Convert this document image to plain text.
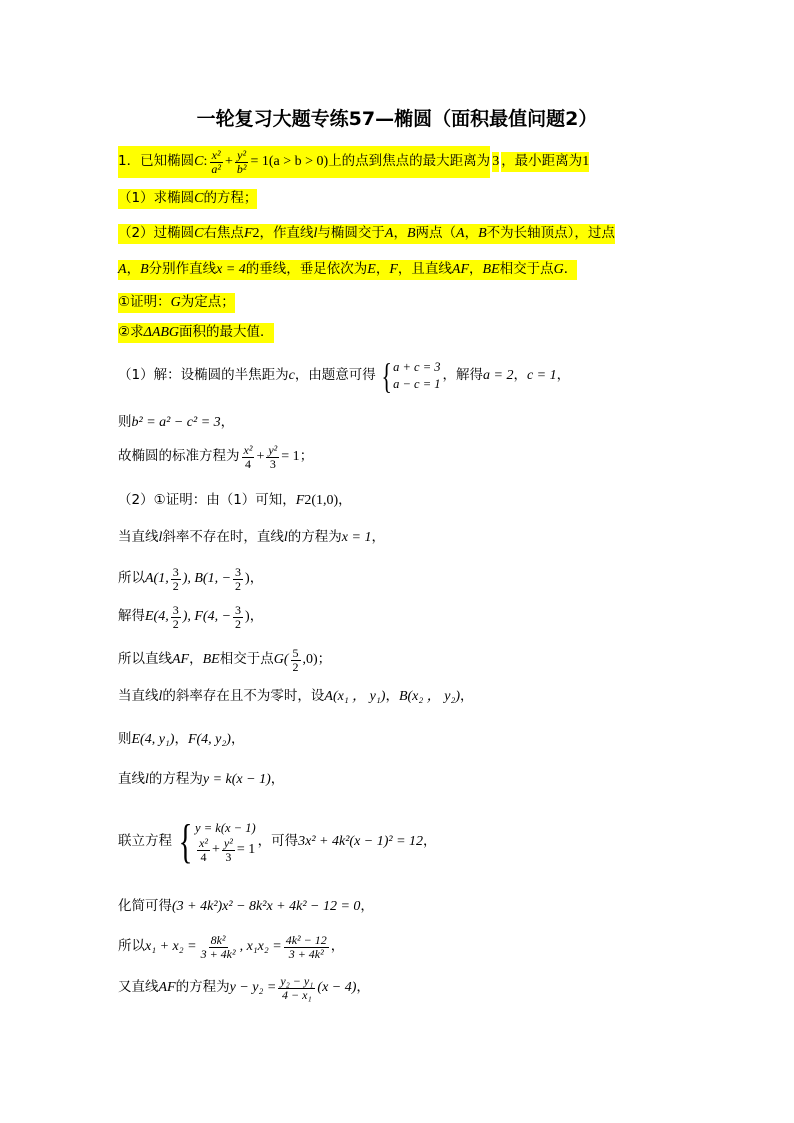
一轮复习大题专练57—椭圆（面积最值问题2）
1．已知椭圆 C : $\frac{\text{x²}}{\text{a²}} + \frac{\text{y²}}{\text{b²}} = 1(a > b > 0)$ 上的点到焦点的最大距离为 3 ，最小距离为 1
（1）求椭圆 C 的方程；
（2）过椭圆 C 右焦点 F 2 ，作直线 l 与椭圆交于 A ， B 两点（ A ， B 不为长轴顶点），过点
A ， B 分别作直线 x = 4 的垂线，垂足依次为 E ， F ，且直线 AF ， BE 相交于点 G ．
①证明： G 为定点；
②求 ΔABG 面积的最大值．
（1）解：设椭圆的半焦距为 c ，由题意可得 { a + c = 3
a − c = 1
，解得 a = 2 ， c = 1 ，
则 b² = a² − c² = 3 ，
故椭圆的标准方程为 $\frac{\text{x²}}{4} + \frac{\text{y²}}{3} = 1$ ；
（2）①证明：由（1）可知， F 2 (1,0) ，
当直线 l 斜率不存在时，直线 l 的方程为 x = 1 ，
所以 A(1, $\frac{3}{2}$ ), B(1, − $\frac{3}{2}$ ) ，
解得 E(4, $\frac{3}{2}$ ), F(4, − $\frac{3}{2}$ ) ，
所以直线 AF ， BE 相交于点 $G( \frac{5}{2} ,0)$ ；
当直线 l 的斜率存在且不为零时，设 A(x₁ ， y₁) ， B(x₂ ， y₂) ，
则 E(4, y₁) ， F(4, y₂) ，
直线 l 的方程为 y = k(x − 1) ，
联立方程 { y = k(x − 1)
$\frac{\text{x²}}{4} + \frac{\text{y²}}{3} = 1$
，可得 3x² + 4k²(x − 1)² = 12 ，
化简可得 (3 + 4k²)x² − 8k²x + 4k² − 12 = 0 ，
所以 $x_1 + x_2 = \frac{\text{8k²}}{\text{3 + 4k²}}$ , $x_1x_2 = \frac{\text{4k² − 12}}{\text{3 + 4k²}}$ ，
又直线 AF 的方程为 $y - y_2 = \frac{\text{y₂ − y₁}}{\text{4 − x₁}} (x - 4)$ ，
